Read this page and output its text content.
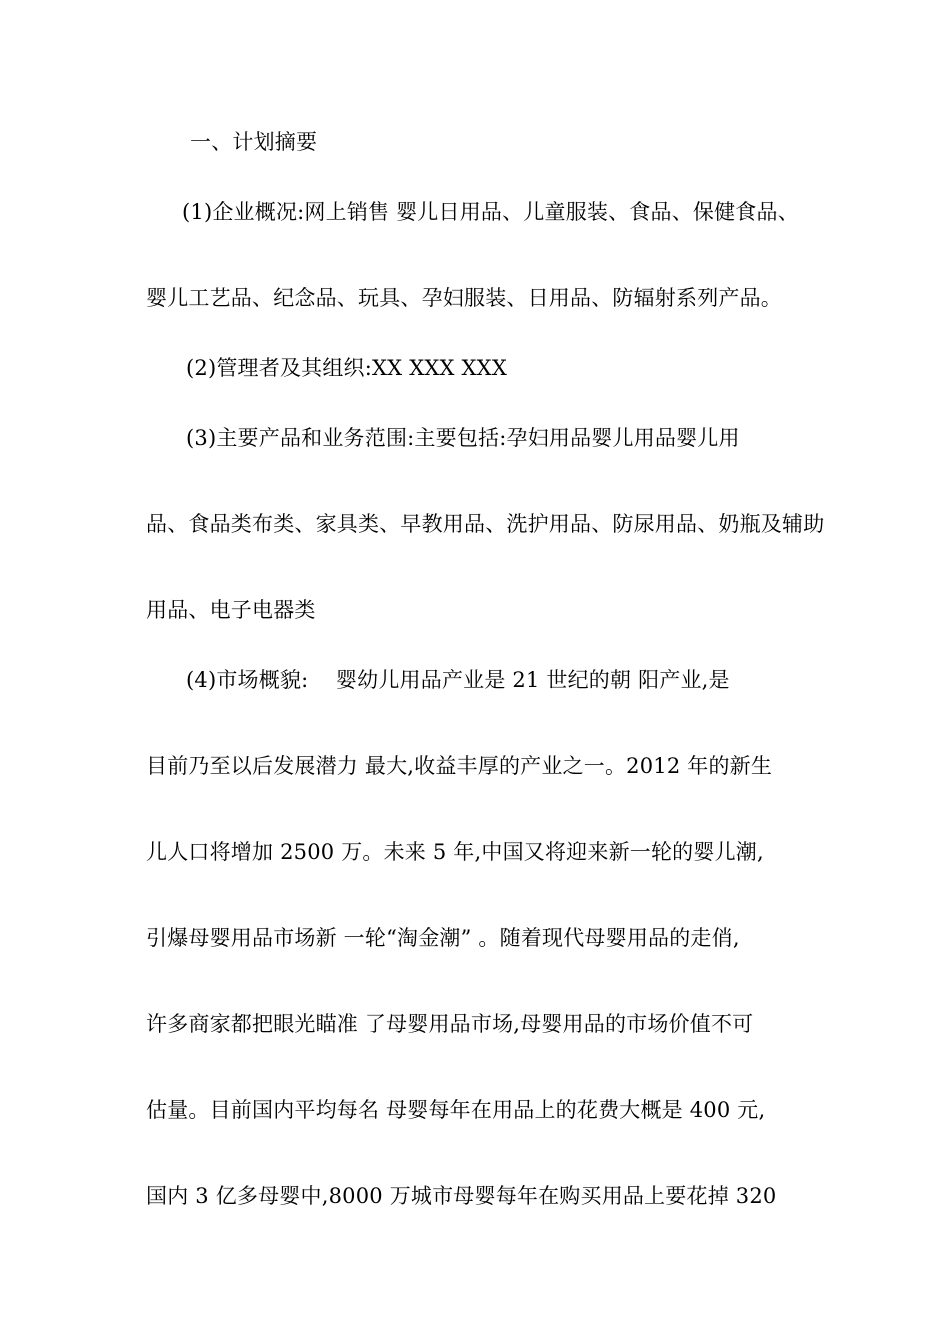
一、计划摘要
(1)企业概况:网上销售 婴儿日用品、儿童服装、食品、保健食品、
婴儿工艺品、纪念品、玩具、孕妇服装、日用品、防辐射系列产品。
(2)管理者及其组织:XX XXX XXX
(3)主要产品和业务范围:主要包括:孕妇用品婴儿用品婴儿用
品、食品类布类、家具类、早教用品、洗护用品、防尿用品、奶瓶及辅助
用品、电子电器类
(4)市场概貌:    婴幼儿用品产业是 21 世纪的朝 阳产业,是
目前乃至以后发展潜力 最大,收益丰厚的产业之一。2012 年的新生
儿人口将增加 2500 万。未来 5 年,中国又将迎来新一轮的婴儿潮,
引爆母婴用品市场新 一轮“淘金潮” 。随着现代母婴用品的走俏,
许多商家都把眼光瞄准 了母婴用品市场,母婴用品的市场价值不可
估量。目前国内平均每名 母婴每年在用品上的花费大概是 400 元,
国内 3 亿多母婴中,8000 万城市母婴每年在购买用品上要花掉 320
